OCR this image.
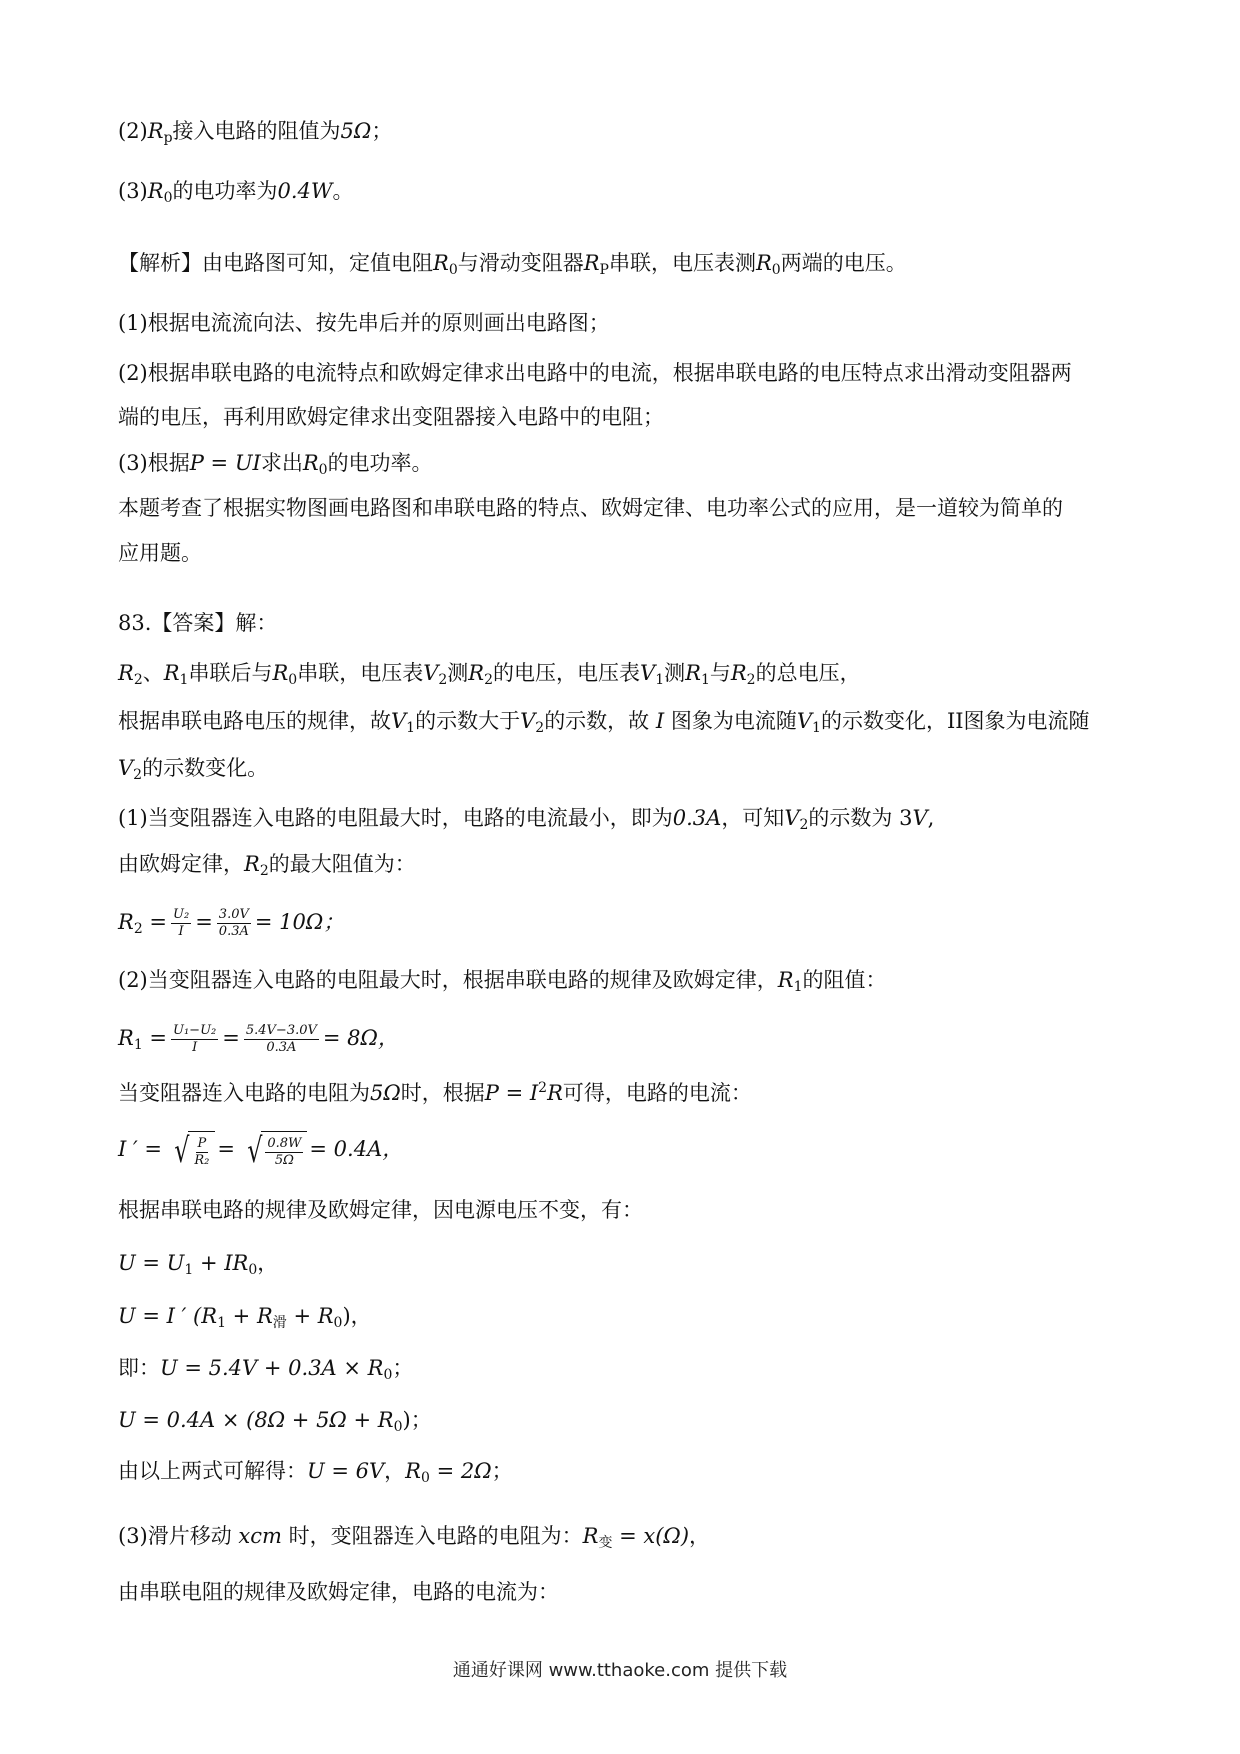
$(2)R_p$接入电路的阻值为5Ω；
$(3)R_0$的电功率为0.4W。
【解析】由电路图可知，定值电阻$R_0$与滑动变阻器$R_P$串联，电压表测$R_0$两端的电压。
(1)根据电流流向法、按先串后并的原则画出电路图；
(2)根据串联电路的电流特点和欧姆定律求出电路中的电流，根据串联电路的电压特点求出滑动变阻器两
端的电压，再利用欧姆定律求出变阻器接入电路中的电阻；
(3)根据P = UI求出$R_0$的电功率。
本题考查了根据实物图画电路图和串联电路的特点、欧姆定律、电功率公式的应用，是一道较为简单的
应用题。
83.【答案】解：
$R_2$、$R_1$串联后与$R_0$串联，电压表$V_2$测$R_2$的电压，电压表$V_1$测$R_1$与$R_2$的总电压，
根据串联电路电压的规律，故$V_1$的示数大于$V_2$的示数，故 I 图象为电流随$V_1$的示数变化，II图象为电流随
$V_2$的示数变化。
(1)当变阻器连入电路的电阻最大时，电路的电流最小，即为0.3A，可知$V_2$的示数为 3V,
由欧姆定律，$R_2$的最大阻值为：
$R_2 = \frac{\text{U₂}}{I} = \frac{3.0V}{0.3A} = 10\Omega$；
(2)当变阻器连入电路的电阻最大时，根据串联电路的规律及欧姆定律，$R_1$的阻值：
$R_1 = \frac{\text{U₁−U₂}}{I} = \frac{5.4V-3.0V}{0.3A} = 8\Omega$，
当变阻器连入电路的电阻为5Ω时，根据$P = I^2R$可得，电路的电流：
I ′ = √ $\frac{P}{\text{R₂}}$ = √ $\frac{0.8W}{5\Omega} = 0.4A$，
根据串联电路的规律及欧姆定律，因电源电压不变，有：
$U = U_1 + IR_0$，
U = I ′ $(R_1 + R_滑 + R_0)$，
即：$U = 5.4V + 0.3A \times R_0$；
$U = 0.4A \times (8\Omega + 5\Omega + R_0)$；
由以上两式可解得：U = 6V，$R_0 = 2\Omega$；
(3)滑片移动 xcm 时，变阻器连入电路的电阻为：$R_变 = x(\Omega)$，
由串联电阻的规律及欧姆定律，电路的电流为：
通通好课网 www.tthaoke.com 提供下载
